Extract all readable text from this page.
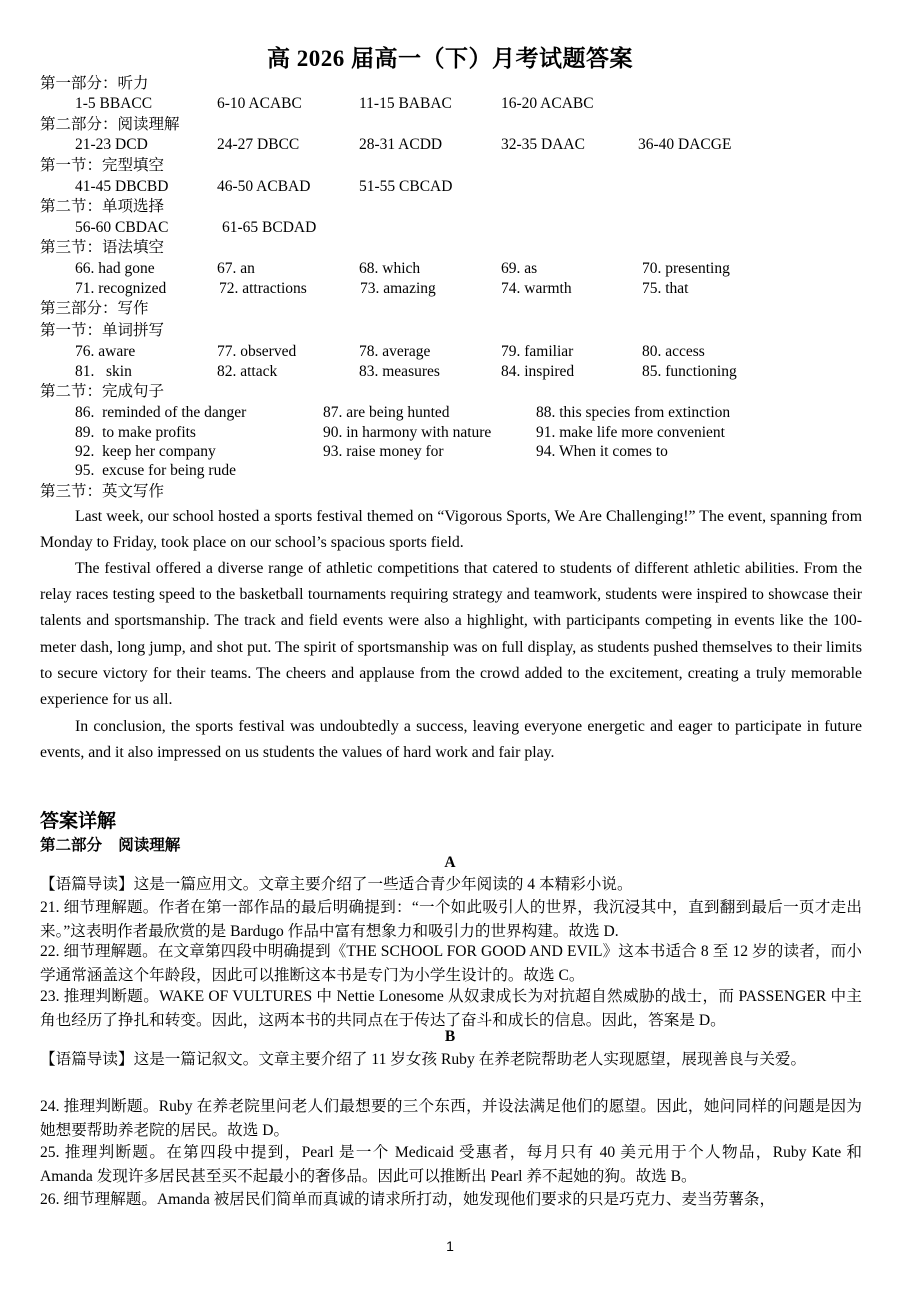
高 2026 届高一（下）月考试题答案
第一部分：听力
1-5 BBACC	6-10 ACABC	11-15 BABAC	16-20 ACABC
第二部分：阅读理解
21-23 DCD	24-27 DBCC	28-31 ACDD	32-35 DAAC	36-40 DACGE
第一节：完型填空
41-45 DBCBD	46-50 ACBAD	51-55 CBCAD
第二节：单项选择
56-60 CBDAC	61-65 BCDAD
第三节：语法填空
66. had gone	67. an	68. which	69. as	70. presenting
71. recognized	72. attractions	73. amazing	74. warmth	75. that
第三部分：写作
第一节：单词拼写
76. aware	77. observed	78. average	79. familiar	80. access
81.   skin	82. attack	83. measures	84. inspired	85. functioning
第二节：完成句子
86.  reminded of the danger	87. are being hunted	88. this species from extinction
89.  to make profits	90. in harmony with nature	91. make life more convenient
92.  keep her company	93. raise money for	94. When it comes to
95.  excuse for being rude
第三节：英文写作

Last week, our school hosted a sports festival themed on “Vigorous Sports, We Are Challenging!” The event, spanning from Monday to Friday, took place on our school’s spacious sports field.

The festival offered a diverse range of athletic competitions that catered to students of different athletic abilities. From the relay races testing speed to the basketball tournaments requiring strategy and teamwork, students were inspired to showcase their talents and sportsmanship. The track and field events were also a highlight, with participants competing in events like the 100-meter dash, long jump, and shot put. The spirit of sportsmanship was on full display, as students pushed themselves to their limits to secure victory for their teams. The cheers and applause from the crowd added to the excitement, creating a truly memorable experience for us all.

In conclusion, the sports festival was undoubtedly a success, leaving everyone energetic and eager to participate in future events, and it also impressed on us students the values of hard work and fair play.

答案详解
第二部分   阅读理解
A

【语篇导读】这是一篇应用文。文章主要介绍了一些适合青少年阅读的 4 本精彩小说。

21. 细节理解题。作者在第一部作品的最后明确提到：“一个如此吸引人的世界，我沉浸其中，直到翻到最后一页才走出来。”这表明作者最欣赏的是 Bardugo 作品中富有想象力和吸引力的世界构建。故选 D.

22. 细节理解题。在文章第四段中明确提到《THE SCHOOL FOR GOOD AND EVIL》这本书适合 8 至 12 岁的读者，而小学通常涵盖这个年龄段，因此可以推断这本书是专门为小学生设计的。故选 C。

23. 推理判断题。WAKE OF VULTURES 中 Nettie Lonesome 从奴隶成长为对抗超自然威胁的战士，而 PASSENGER 中主角也经历了挣扎和转变。因此，这两本书的共同点在于传达了奋斗和成长的信息。因此，答案是 D。

B

【语篇导读】这是一篇记叙文。文章主要介绍了 11 岁女孩 Ruby 在养老院帮助老人实现愿望，展现善良与关爱。

24. 推理判断题。Ruby 在养老院里问老人们最想要的三个东西，并设法满足他们的愿望。因此，她问同样的问题是因为她想要帮助养老院的居民。故选 D。

25. 推理判断题。在第四段中提到，Pearl 是一个 Medicaid 受惠者，每月只有 40 美元用于个人物品，Ruby Kate 和 Amanda 发现许多居民甚至买不起最小的奢侈品。因此可以推断出 Pearl 养不起她的狗。故选 B。

26. 细节理解题。Amanda 被居民们简单而真诚的请求所打动，她发现他们要求的只是巧克力、麦当劳薯条，

1
